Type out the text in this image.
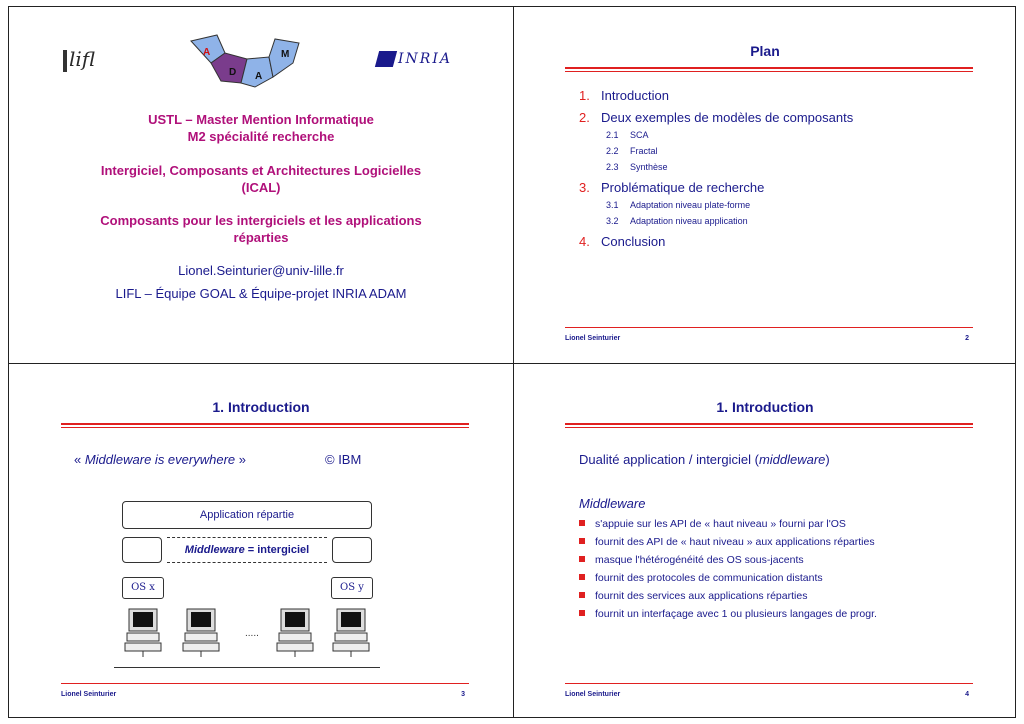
lifl	A
D A
M	INRIA
USTL – Master Mention Informatique
M2 spécialité recherche
Intergiciel, Composants et Architectures Logicielles
(ICAL)
Composants pour les intergiciels et les applications
réparties
Lionel.Seinturier@univ-lille.fr
LIFL – Équipe GOAL & Équipe-projet INRIA ADAM
Plan
1. Introduction
2. Deux exemples de modèles de composants
2.1 SCA
2.2 Fractal
2.3 Synthèse
3. Problématique de recherche
3.1 Adaptation niveau plate-forme
3.2 Adaptation niveau application
4. Conclusion
Lionel Seinturier	2
1. Introduction
« Middleware is everywhere »	© IBM
Application répartie
Middleware = intergiciel
OS x	OS y
.....
Lionel Seinturier	3
1. Introduction
Dualité application / intergiciel (middleware)
Middleware
s'appuie sur les API de « haut niveau » fourni par l'OS
fournit des API de « haut niveau » aux applications réparties
masque l'hétérogénéité des OS sous-jacents
fournit des protocoles de communication distants
fournit des services aux applications réparties
fournit un interfaçage avec 1 ou plusieurs langages de progr.
Lionel Seinturier	4
